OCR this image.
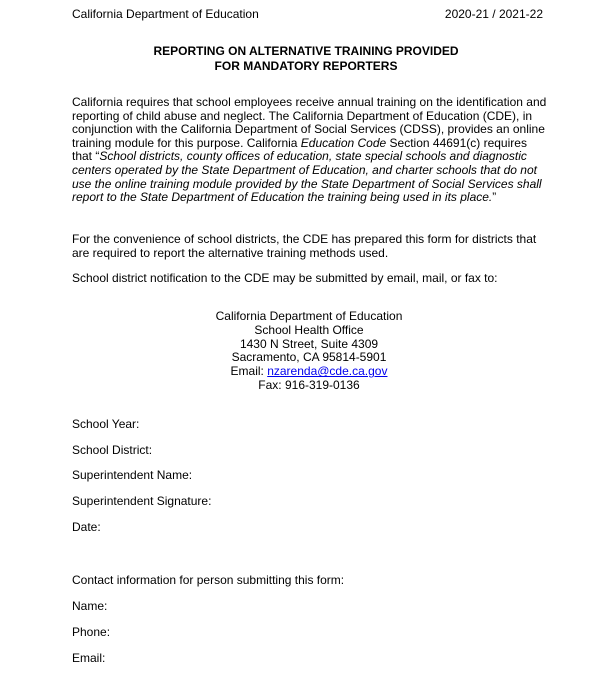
California Department of Education	2020-21 / 2021-22
REPORTING ON ALTERNATIVE TRAINING PROVIDED
FOR MANDATORY REPORTERS
California requires that school employees receive annual training on the identification and reporting of child abuse and neglect. The California Department of Education (CDE), in conjunction with the California Department of Social Services (CDSS), provides an online training module for this purpose. California Education Code Section 44691(c) requires that “School districts, county offices of education, state special schools and diagnostic centers operated by the State Department of Education, and charter schools that do not use the online training module provided by the State Department of Social Services shall report to the State Department of Education the training being used in its place.”
For the convenience of school districts, the CDE has prepared this form for districts that are required to report the alternative training methods used.
School district notification to the CDE may be submitted by email, mail, or fax to:
California Department of Education
School Health Office
1430 N Street, Suite 4309
Sacramento, CA 95814-5901
Email: nzarenda@cde.ca.gov
Fax: 916-319-0136
School Year:
School District:
Superintendent Name:
Superintendent Signature:
Date:
Contact information for person submitting this form:
Name:
Phone:
Email:
